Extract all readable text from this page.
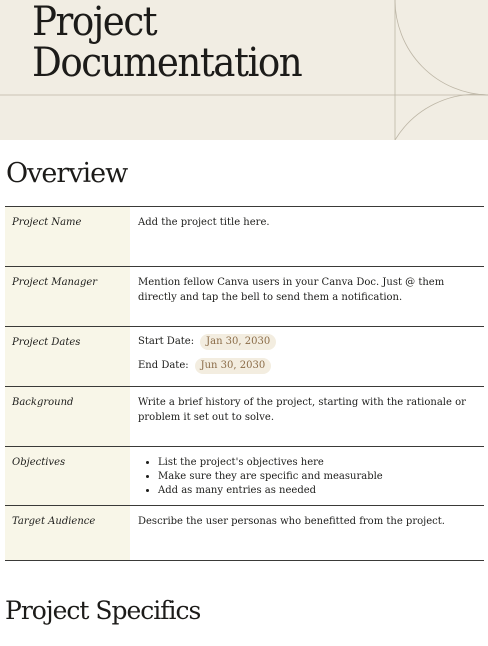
Project
Documentation
Overview
Project Name	Add the project title here.
Project Manager	Mention fellow Canva users in your Canva Doc. Just @ them directly and tap the bell to send them a notification.
Project Dates	Start Date:	Jan 30, 2030
End Date:	Jun 30, 2030
Background	Write a brief history of the project, starting with the rationale or problem it set out to solve.
Objectives
•	List the project's objectives here
• Make sure they are specific and measurable
• Add as many entries as needed
Target Audience	Describe the user personas who benefitted from the project.
Project Specifics
